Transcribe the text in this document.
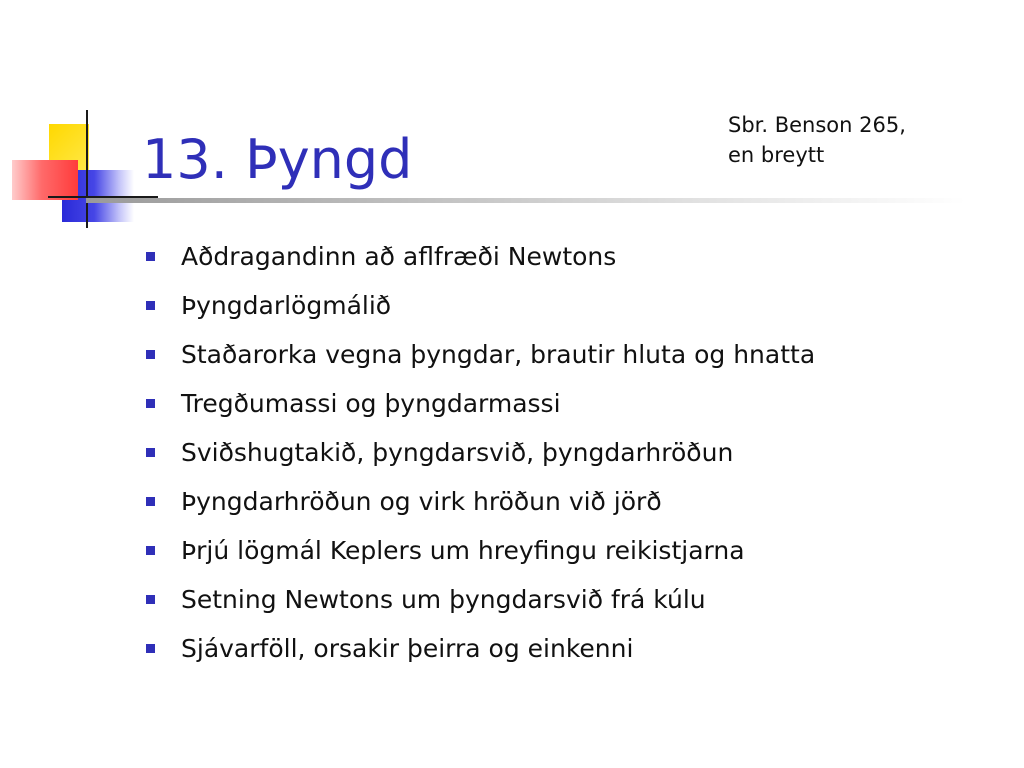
13. Þyngd
Sbr. Benson 265,
en breytt
Aðdragandinn að aflfræði Newtons
Þyngdarlögmálið
Staðarorka vegna þyngdar, brautir hluta og hnatta
Tregðumassi og þyngdarmassi
Sviðshugtakið, þyngdarsvið, þyngdarhröðun
Þyngdarhröðun og virk hröðun við jörð
Þrjú lögmál Keplers um hreyfingu reikistjarna
Setning Newtons um þyngdarsvið frá kúlu
Sjávarföll, orsakir þeirra og einkenni
